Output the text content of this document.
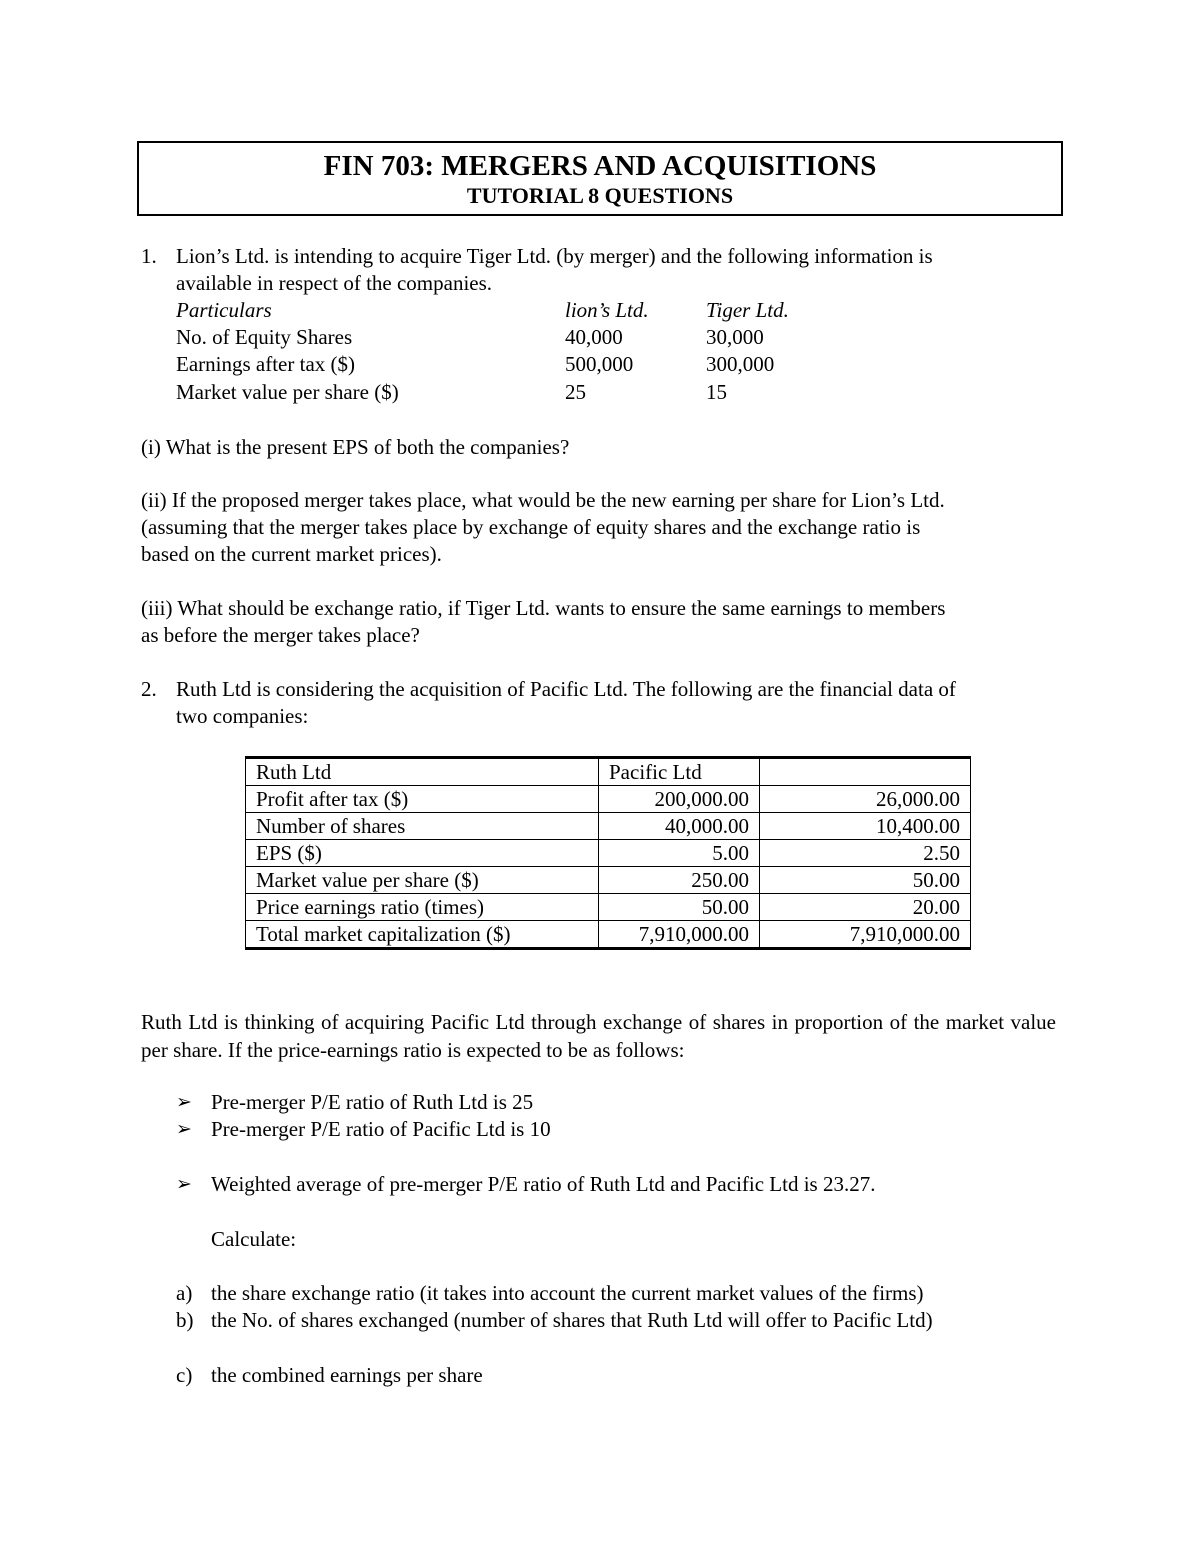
FIN 703: MERGERS AND ACQUISITIONS
TUTORIAL 8 QUESTIONS
1. Lion’s Ltd. is intending to acquire Tiger Ltd. (by merger) and the following information is
available in respect of the companies.
Particulars	lion’s Ltd.	Tiger Ltd.
No. of Equity Shares	40,000	30,000
Earnings after tax ($)	500,000	300,000
Market value per share ($)	25	15
(i) What is the present EPS of both the companies?
(ii) If the proposed merger takes place, what would be the new earning per share for Lion’s Ltd.
(assuming that the merger takes place by exchange of equity shares and the exchange ratio is
based on the current market prices).
(iii) What should be exchange ratio, if Tiger Ltd. wants to ensure the same earnings to members
as before the merger takes place?
2. Ruth Ltd is considering the acquisition of Pacific Ltd. The following are the financial data of
two companies:
Ruth Ltd	Pacific Ltd	
Profit after tax ($)	200,000.00	26,000.00
Number of shares	40,000.00	10,400.00
EPS ($)	5.00	2.50
Market value per share ($)	250.00	50.00
Price earnings ratio (times)	50.00	20.00
Total market capitalization ($)	7,910,000.00	7,910,000.00
Ruth Ltd is thinking of acquiring Pacific Ltd through exchange of shares in proportion of the market value per share. If the price-earnings ratio is expected to be as follows:
➢ Pre-merger P/E ratio of Ruth Ltd is 25
➢ Pre-merger P/E ratio of Pacific Ltd is 10
➢ Weighted average of pre-merger P/E ratio of Ruth Ltd and Pacific Ltd is 23.27.
Calculate:
a) the share exchange ratio (it takes into account the current market values of the firms)
b) the No. of shares exchanged (number of shares that Ruth Ltd will offer to Pacific Ltd)
c) the combined earnings per share
